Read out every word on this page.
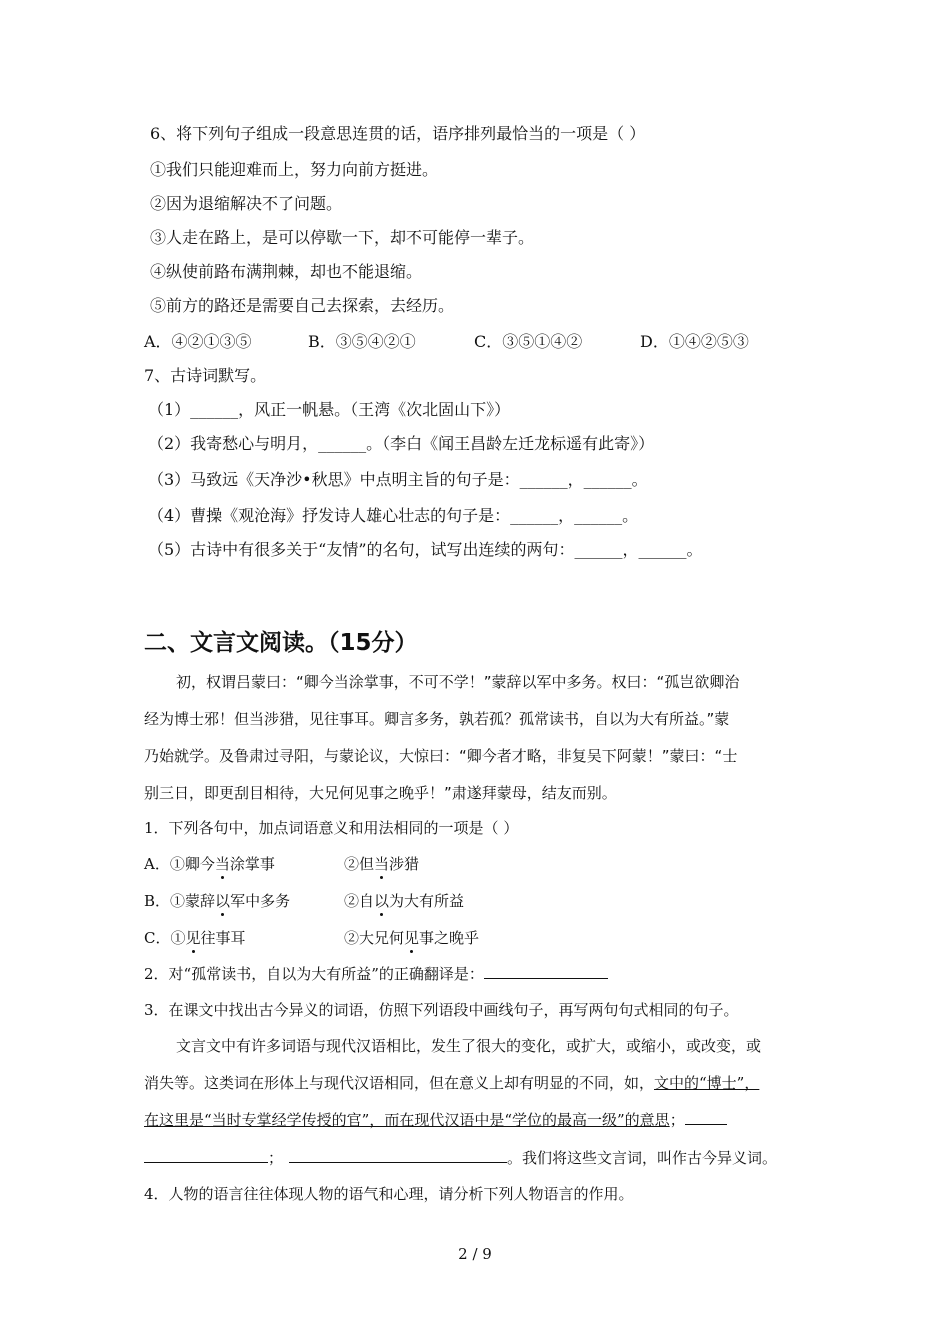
6、将下列句子组成一段意思连贯的话，语序排列最恰当的一项是（ ）
①我们只能迎难而上，努力向前方挺进。
②因为退缩解决不了问题。
③人走在路上，是可以停歇一下，却不可能停一辈子。
④纵使前路布满荆棘，却也不能退缩。
⑤前方的路还是需要自己去探索，去经历。
A．④②①③⑤	B．③⑤④②①	C．③⑤①④②	D．①④②⑤③
7、古诗词默写。
（1）______，风正一帆悬。（王湾《次北固山下》）
（2）我寄愁心与明月，______。（李白《闻王昌龄左迁龙标遥有此寄》）
（3）马致远《天净沙•秋思》中点明主旨的句子是：______，______。
（4）曹操《观沧海》抒发诗人雄心壮志的句子是：______，______。
（5）古诗中有很多关于“友情”的名句，试写出连续的两句：______，______。
二、文言文阅读。（15分）
初，权谓吕蒙曰：“卿今当涂掌事，不可不学！”蒙辞以军中多务。权曰：“孤岂欲卿治
经为博士邪！但当涉猎，见往事耳。卿言多务，孰若孤？孤常读书，自以为大有所益。”蒙
乃始就学。及鲁肃过寻阳，与蒙论议，大惊曰：“卿今者才略，非复吴下阿蒙！”蒙曰：“士
别三日，即更刮目相待，大兄何见事之晚乎！”肃遂拜蒙母，结友而别。
1．下列各句中，加点词语意义和用法相同的一项是（ ）
A．①卿今当涂掌事	②但当涉猎
B．①蒙辞以军中多务	②自以为大有所益
C．①见往事耳	②大兄何见事之晚乎
2．对“孤常读书，自以为大有所益”的正确翻译是：
3．在课文中找出古今异义的词语，仿照下列语段中画线句子，再写两句句式相同的句子。
文言文中有许多词语与现代汉语相比，发生了很大的变化，或扩大，或缩小，或改变，或
消失等。这类词在形体上与现代汉语相同，但在意义上却有明显的不同，如，文中的“博士”，
在这里是“当时专掌经学传授的官”，而在现代汉语中是“学位的最高一级”的意思；
；	。我们将这些文言词，叫作古今异义词。
4．人物的语言往往体现人物的语气和心理，请分析下列人物语言的作用。
2 / 9
